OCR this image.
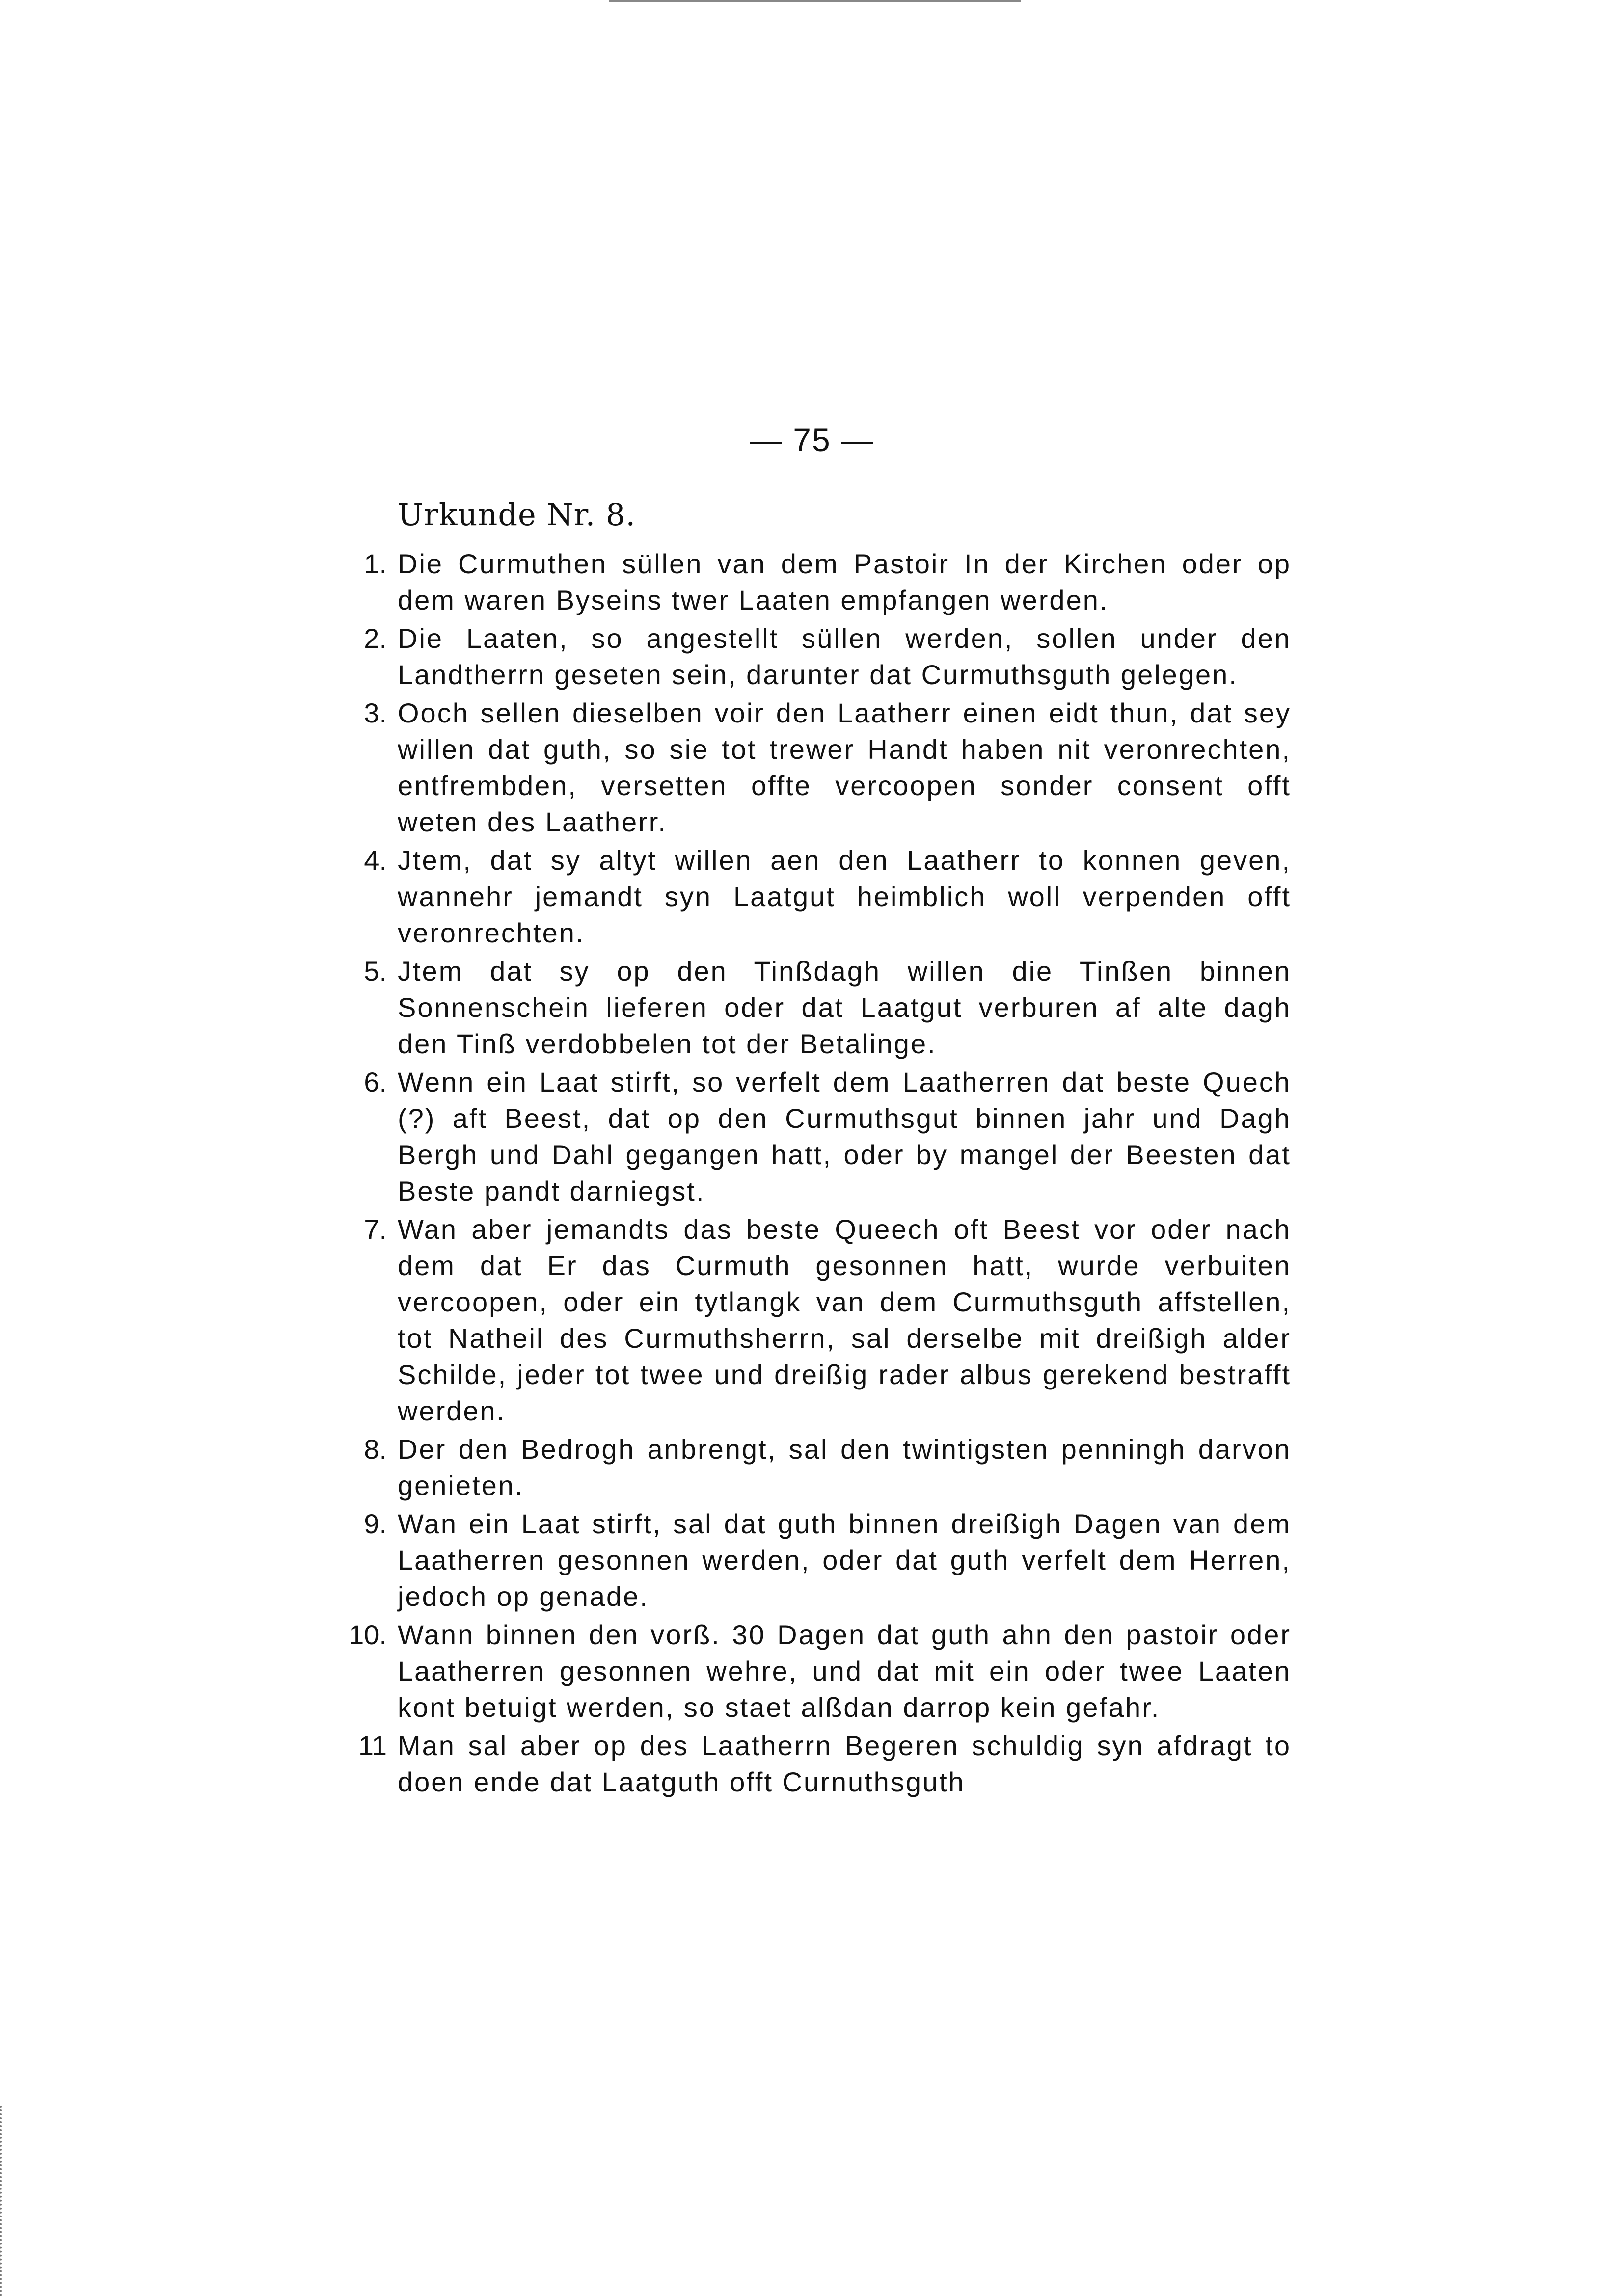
— 75 —
Urkunde Nr. 8.
1. Die Curmuthen süllen van dem Pastoir In der Kirchen oder op dem waren Byseins twer Laaten empfangen werden.
2. Die Laaten, so angestellt süllen werden, sollen under den Landtherrn geseten sein, darunter dat Curmuthsguth gelegen.
3. Ooch sellen dieselben voir den Laatherr einen eidt thun, dat sey willen dat guth, so sie tot trewer Handt haben nit veronrechten, entfrembden, versetten offte vercoopen sonder consent offt weten des Laatherr.
4. Jtem, dat sy altyt willen aen den Laatherr to konnen geven, wannehr jemandt syn Laatgut heimblich woll verpenden offt veronrechten.
5. Jtem dat sy op den Tinßdagh willen die Tinßen binnen Sonnenschein lieferen oder dat Laatgut verburen af alte dagh den Tinß verdobbelen tot der Betalinge.
6. Wenn ein Laat stirft, so verfelt dem Laatherren dat beste Quech (?) aft Beest, dat op den Curmuthsgut binnen jahr und Dagh Bergh und Dahl gegangen hatt, oder by mangel der Beesten dat Beste pandt darniegst.
7. Wan aber jemandts das beste Queech oft Beest vor oder nach dem dat Er das Curmuth gesonnen hatt, wurde verbuiten vercoopen, oder ein tytlangk van dem Curmuthsguth affstellen, tot Natheil des Curmuthsherrn, sal derselbe mit dreißigh alder Schilde, jeder tot twee und dreißig rader albus gerekend bestrafft werden.
8. Der den Bedrogh anbrengt, sal den twintigsten penningh darvon genieten.
9. Wan ein Laat stirft, sal dat guth binnen dreißigh Dagen van dem Laatherren gesonnen werden, oder dat guth verfelt dem Herren, jedoch op genade.
10. Wann binnen den vorß. 30 Dagen dat guth ahn den pastoir oder Laatherren gesonnen wehre, und dat mit ein oder twee Laaten kont betuigt werden, so staet alßdan darrop kein gefahr.
11 Man sal aber op des Laatherrn Begeren schuldig syn afdragt to doen ende dat Laatguth offt Curnuthsguth
